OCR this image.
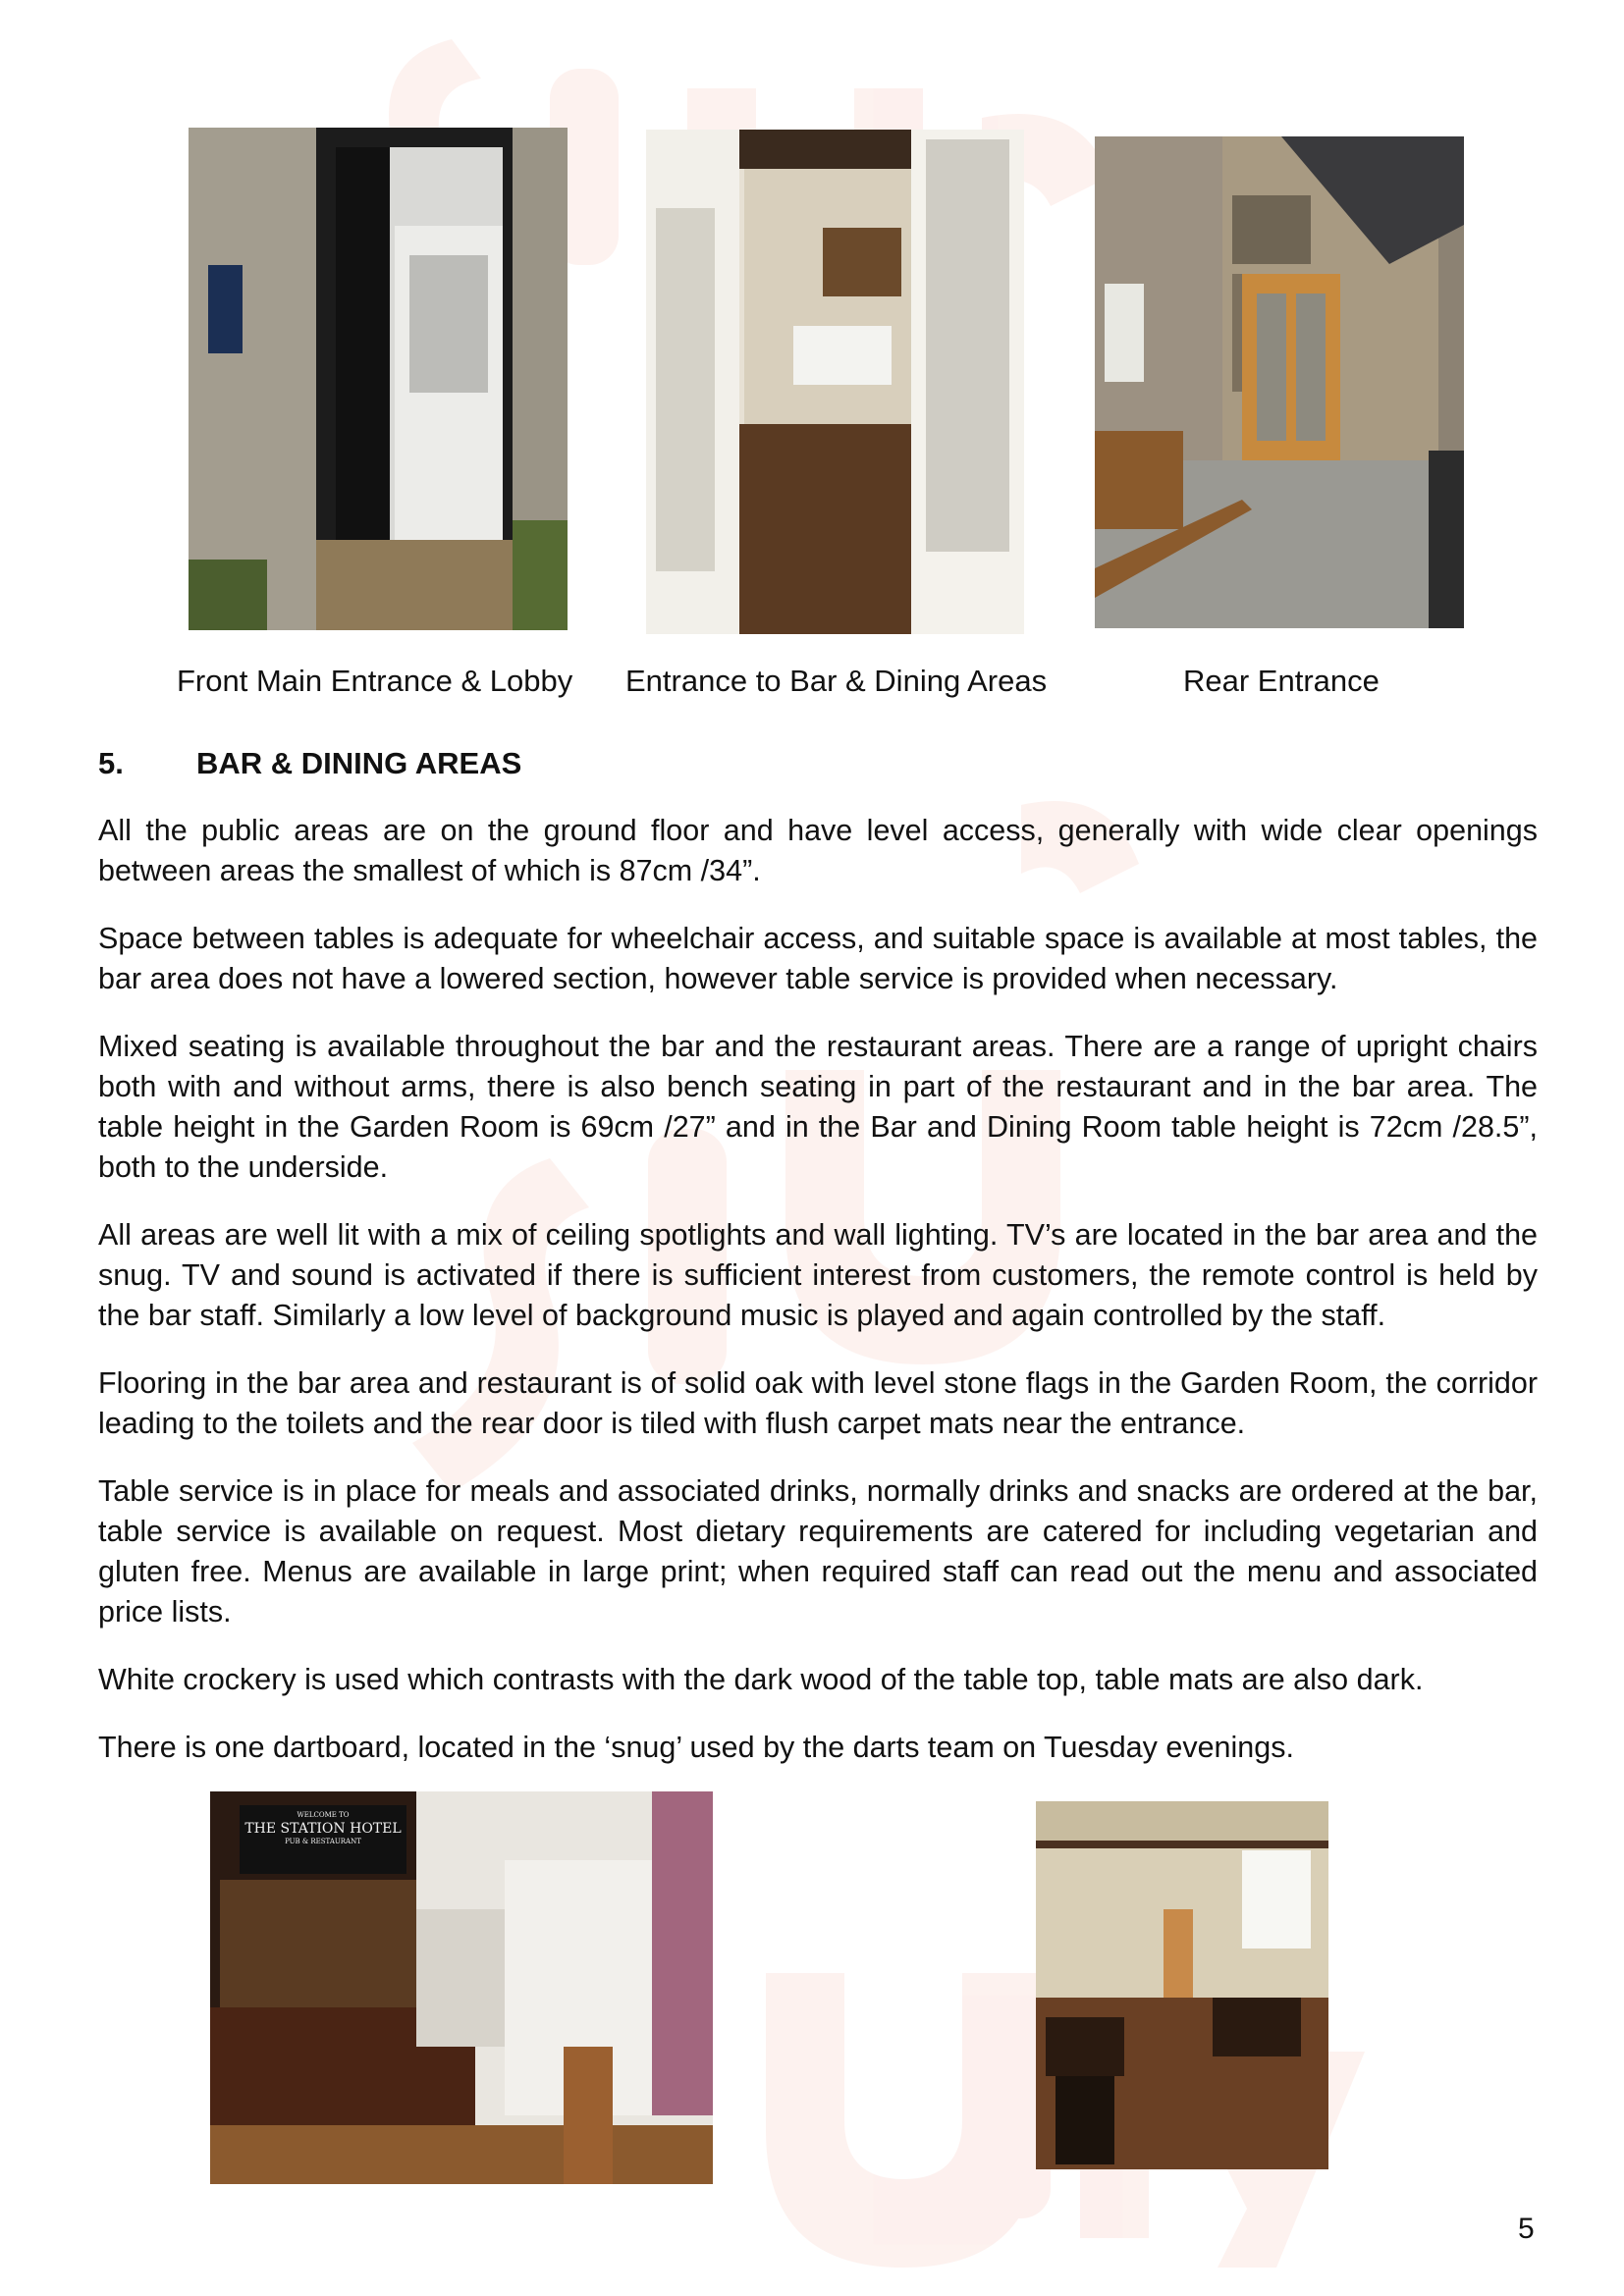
Front Main Entrance & Lobby Entrance to Bar & Dining Areas	Rear Entrance
5. BAR & DINING AREAS

All the public areas are on the ground floor and have level access, generally with wide clear openings between areas the smallest of which is 87cm /34”.

Space between tables is adequate for wheelchair access, and suitable space is available at most tables, the bar area does not have a lowered section, however table service is provided when necessary.

Mixed seating is available throughout the bar and the restaurant areas. There are a range of upright chairs both with and without arms, there is also bench seating in part of the restaurant and in the bar area. The table height in the Garden Room is 69cm /27” and in the Bar and Dining Room table height is 72cm /28.5”, both to the underside.

All areas are well lit with a mix of ceiling spotlights and wall lighting. TV’s are located in the bar area and the snug. TV and sound is activated if there is sufficient interest from customers, the remote control is held by the bar staff. Similarly a low level of background music is played and again controlled by the staff.

Flooring in the bar area and restaurant is of solid oak with level stone flags in the Garden Room, the corridor leading to the toilets and the rear door is tiled with flush carpet mats near the entrance.

Table service is in place for meals and associated drinks, normally drinks and snacks are ordered at the bar, table service is available on request. Most dietary requirements are catered for including vegetarian and gluten free. Menus are available in large print; when required staff can read out the menu and associated price lists.

White crockery is used which contrasts with the dark wood of the table top, table mats are also dark.

There is one dartboard, located in the ‘snug’ used by the darts team on Tuesday evenings.

WELCOME TO
THE STATION HOTEL
PUB & RESTAURANT
5
